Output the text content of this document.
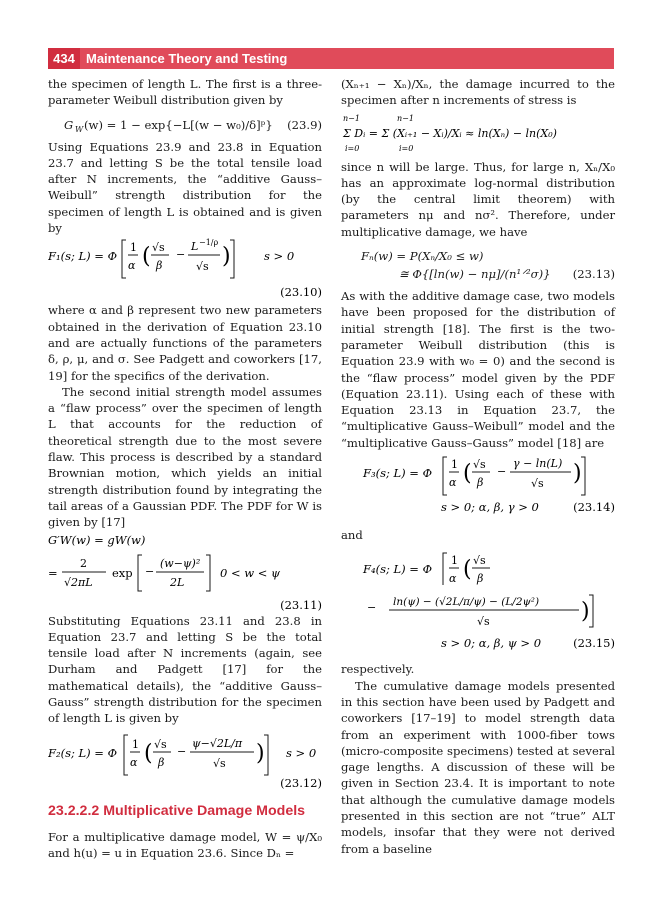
434 Maintenance Theory and Testing

the specimen of length L. The first is a three-parameter Weibull distribution given by

G W (w) = 1 − exp{−L[(w − w₀)/δ]ᵖ} (23.9)

Using Equations 23.9 and 23.8 in Equation 23.7 and letting S be the total tensile load after N increments, the “additive Gauss–Weibull” strength distribution for the specimen of length L is obtained and is given by

F₁(s; L) = Φ
1
α ( √s
β
−
L −1/ρ
√s )	s > 0
(23.10)

where α and β represent two new parameters obtained in the derivation of Equation 23.10 and are actually functions of the parameters δ, ρ, μ, and σ. See Padgett and coworkers [17, 19] for the specifics of the derivation.

The second initial strength model assumes a “flaw process” over the specimen of length L that accounts for the reduction of theoretical strength due to the most severe flaw. This process is described by a standard Brownian motion, which yields an initial strength distribution found by integrating the tail areas of a Gaussian PDF. The PDF for W is given by [17]

G′W(w) = gW(w)
=
2
√2πL
exp −
(w−ψ)²
2L
0 < w < ψ
(23.11)

Substituting Equations 23.11 and 23.8 in Equation 23.7 and letting S be the total tensile load after N increments (again, see Durham and Padgett [17] for the mathematical details), the “additive Gauss–Gauss” strength distribution for the specimen of length L is given by

F₂(s; L) = Φ
1
α ( √s
β
−
ψ−√2L/π
√s ) s > 0
(23.12)
23.2.2.2 Multiplicative Damage Models

For a multiplicative damage model, W = ψ/X₀ and h(u) = u in Equation 23.6. Since Dₙ =

(Xₙ₊₁ − Xₙ)/Xₙ, the damage incurred to the specimen after n increments of stress is

n−1	n−1
Σ Dᵢ = Σ (Xᵢ₊₁ − Xᵢ)/Xᵢ ≈ ln(Xₙ) − ln(X₀)
i=0	i=0

since n will be large. Thus, for large n, Xₙ/X₀ has an approximate log-normal distribution (by the central limit theorem) with parameters nμ and nσ². Therefore, under multiplicative damage, we have

Fₙ(w) = P(Xₙ/X₀ ≤ w)
≅ Φ{[ln(w) − nμ]/(n¹ᐟ²σ)} (23.13)

As with the additive damage case, two models have been proposed for the distribution of initial strength [18]. The first is the two-parameter Weibull distribution (this is Equation 23.9 with w₀ = 0) and the second is the “flaw process” model given by the PDF (Equation 23.11). Using each of these with Equation 23.13 in Equation 23.7, the “multiplicative Gauss–Weibull” model and the “multiplicative Gauss–Gauss” model [18] are

F₃(s; L) = Φ
1
α ( √s
β
−
γ − ln(L)
√s )
s > 0; α, β, γ > 0	(23.14)

and

F₄(s; L) = Φ
1
α ( √s
β
− ln(ψ) − (√2L/π/ψ) − (L/2ψ²)
√s	)
s > 0; α, β, ψ > 0	(23.15)

respectively.

The cumulative damage models presented in this section have been used by Padgett and coworkers [17–19] to model strength data from an experiment with 1000-fiber tows (micro-composite specimens) tested at several gage lengths. A discussion of these will be given in Section 23.4. It is important to note that although the cumulative damage models presented in this section are not “true” ALT models, insofar that they were not derived from a baseline
